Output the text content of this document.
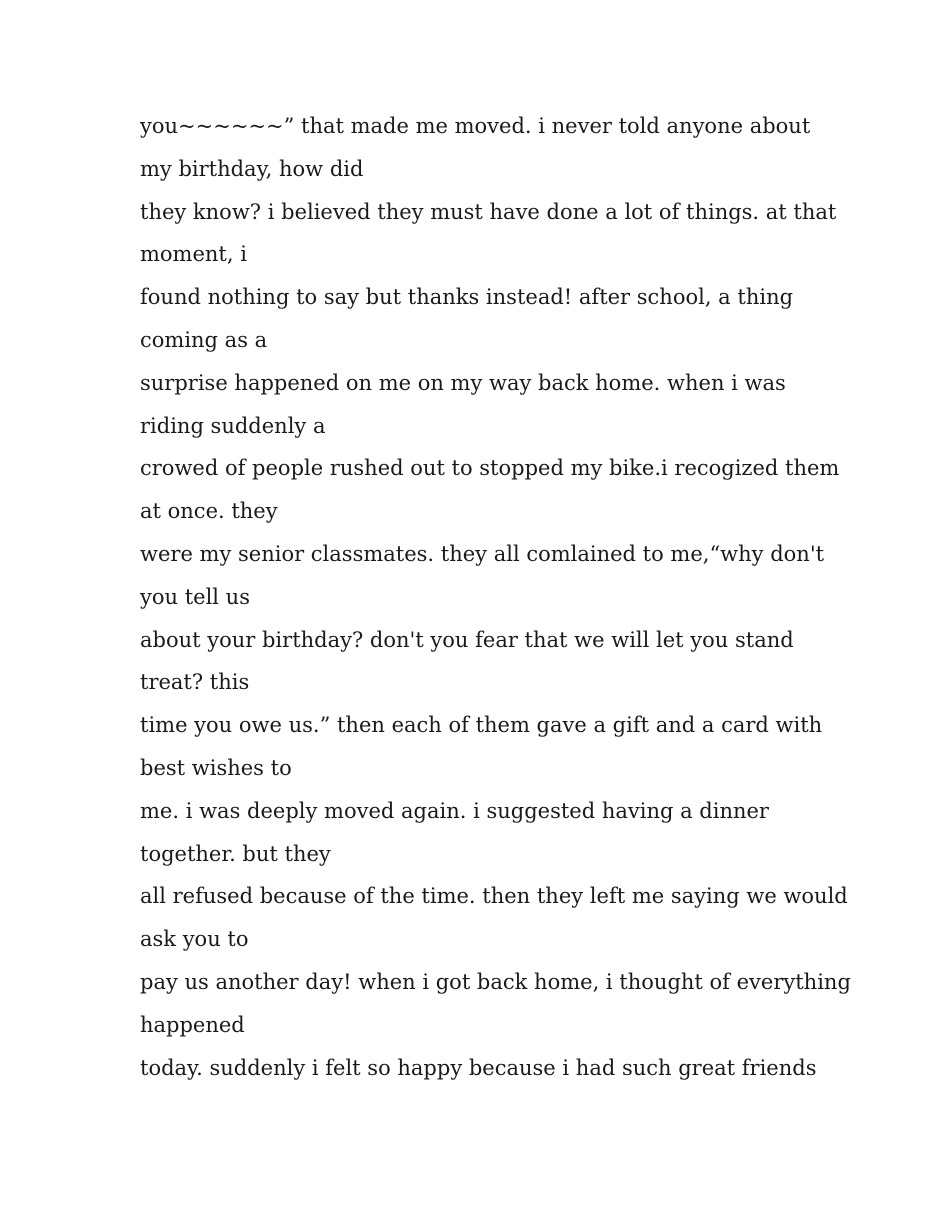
you~~~~~~” that made me moved. i never told anyone about

my birthday, how did

they know? i believed they must have done a lot of things. at that

moment, i

found nothing to say but thanks instead! after school, a thing

coming as a

surprise happened on me on my way back home. when i was

riding suddenly a

crowed of people rushed out to stopped my bike.i recogized them

at once. they

were my senior classmates. they all comlained to me,“why don't

you tell us

about your birthday? don't you fear that we will let you stand

treat? this

time you owe us.” then each of them gave a gift and a card with

best wishes to

me. i was deeply moved again. i suggested having a dinner

together. but they

all refused because of the time. then they left me saying we would

ask you to

pay us another day! when i got back home, i thought of everything

happened

today. suddenly i felt so happy because i had such great friends
